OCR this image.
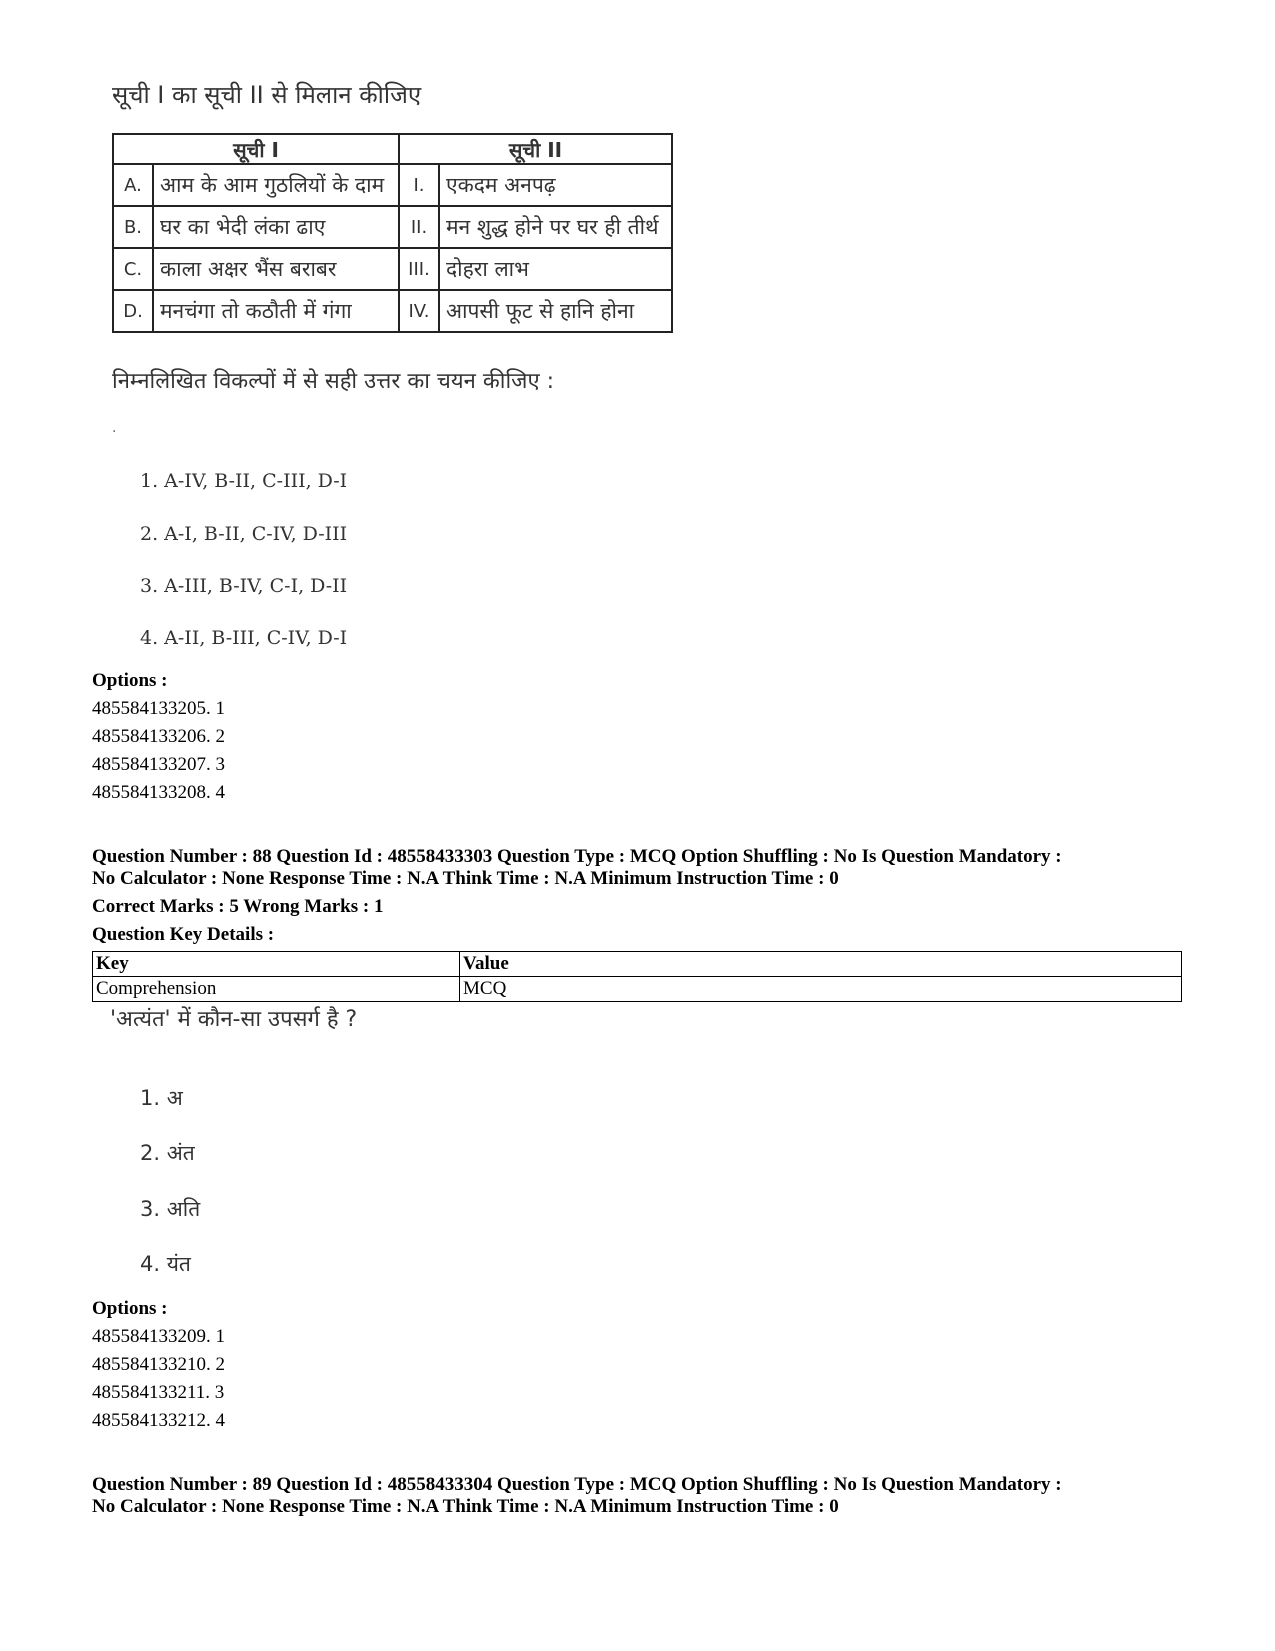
सूची I का सूची II से मिलान कीजिए
सूची I		सूची II	
A.	आम के आम गुठलियों के दाम	I.	एकदम अनपढ़
B.	घर का भेदी लंका ढाए	II.	मन शुद्ध होने पर घर ही तीर्थ
C.	काला अक्षर भैंस बराबर	III.	दोहरा लाभ
D.	मनचंगा तो कठौती में गंगा	IV.	आपसी फूट से हानि होना
निम्नलिखित विकल्पों में से सही उत्तर का चयन कीजिए :
.
1. A-IV, B-II, C-III, D-I
2. A-I, B-II, C-IV, D-III
3. A-III, B-IV, C-I, D-II
4. A-II, B-III, C-IV, D-I
Options :
485584133205. 1
485584133206. 2
485584133207. 3
485584133208. 4
Question Number : 88 Question Id : 48558433303 Question Type : MCQ Option Shuffling : No Is Question Mandatory :
No Calculator : None Response Time : N.A Think Time : N.A Minimum Instruction Time : 0
Correct Marks : 5 Wrong Marks : 1
Question Key Details :
Key	Value
Comprehension	MCQ
'अत्यंत' में कौन-सा उपसर्ग है ?
1. अ
2. अंत
3. अति
4. यंत
Options :
485584133209. 1
485584133210. 2
485584133211. 3
485584133212. 4
Question Number : 89 Question Id : 48558433304 Question Type : MCQ Option Shuffling : No Is Question Mandatory :
No Calculator : None Response Time : N.A Think Time : N.A Minimum Instruction Time : 0
